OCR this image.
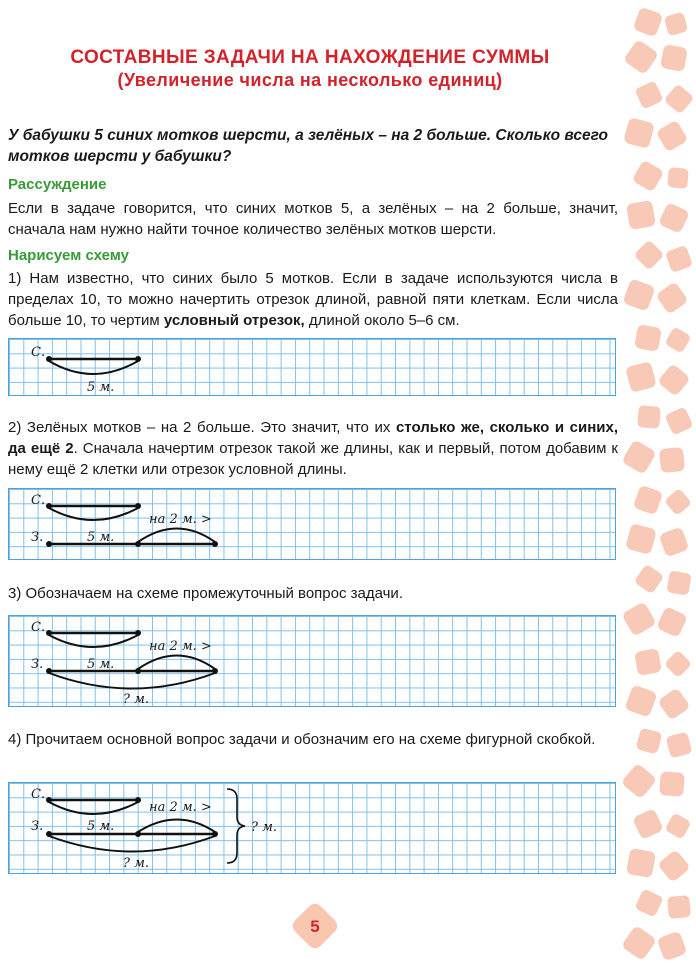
СОСТАВНЫЕ ЗАДАЧИ НА НАХОЖДЕНИЕ СУММЫ
(Увеличение числа на несколько единиц)
У бабушки 5 синих мотков шерсти, а зелёных – на 2 больше. Сколько всего мотков шерсти у бабушки?
Рассуждение
Если в задаче говорится, что синих мотков 5, а зелёных – на 2 больше, значит, сначала нам нужно найти точное количество зелёных мотков шерсти.
Нарисуем схему
1) Нам известно, что синих было 5 мотков. Если в задаче используются числа в пределах 10, то можно начертить отрезок длиной, равной пяти клеткам. Если числа больше 10, то чертим условный отрезок, длиной около 5–6 см.
С.
5 м.
2) Зелёных мотков – на 2 больше. Это значит, что их столько же, сколько и синих, да ещё 2. Сначала начертим отрезок такой же длины, как и первый, потом добавим к нему ещё 2 клетки или отрезок условной длины.
С.
на 2 м. >
З.	5 м.
3) Обозначаем на схеме промежуточный вопрос задачи.
С.
на 2 м. >
З.	5 м.
? м.
4) Прочитаем основной вопрос задачи и обозначим его на схеме фигурной скобкой.
С.
на 2 м. >
З.	5 м.
? м.
? м.
5
